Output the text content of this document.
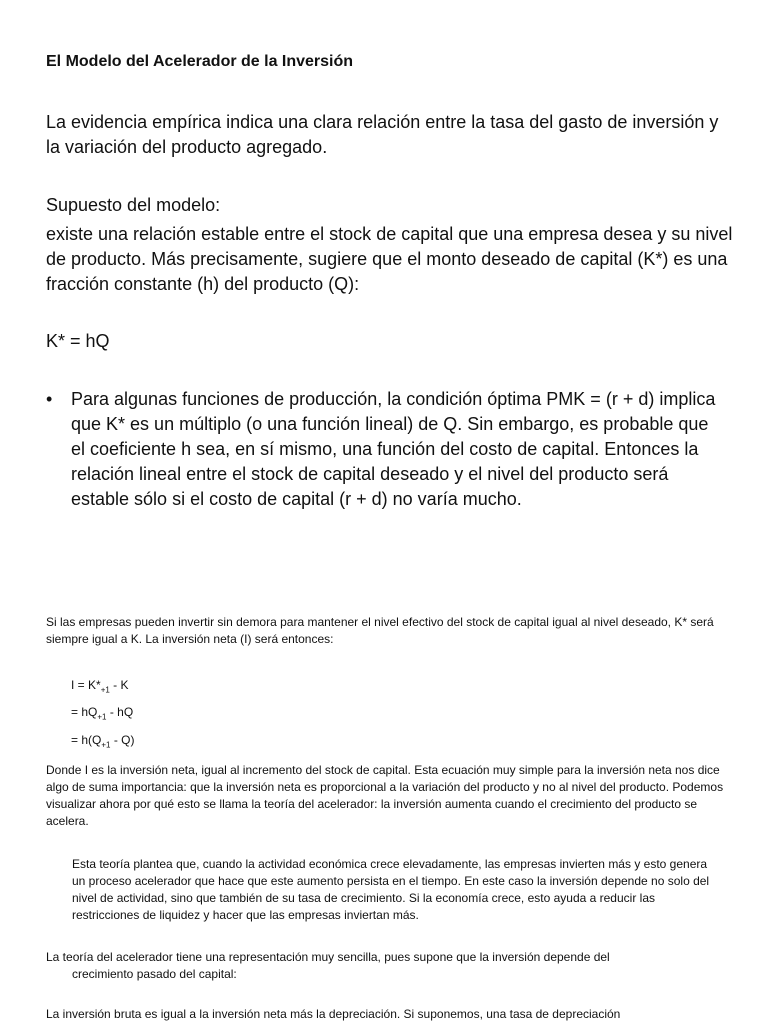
El Modelo del Acelerador de la Inversión

La evidencia empírica indica una clara relación entre la tasa del gasto de inversión y la variación del producto agregado.

Supuesto del modelo:

existe una relación estable entre el stock de capital que una empresa desea y su nivel de producto. Más precisamente, sugiere que el monto deseado de capital (K*) es una fracción constante (h) del producto (Q):

K* = hQ

• Para algunas funciones de producción, la condición óptima PMK = (r + d) implica que K* es un múltiplo (o una función lineal) de Q. Sin embargo, es probable que el coeficiente h sea, en sí mismo, una función del costo de capital. Entonces la relación lineal entre el stock de capital deseado y el nivel del producto será estable sólo si el costo de capital (r + d) no varía mucho.

Si las empresas pueden invertir sin demora para mantener el nivel efectivo del stock de capital igual al nivel deseado, K* será siempre igual a K. La inversión neta (I) será entonces:

$I = K*_{+1} - K$
= $hQ_{+1}$ - hQ
= $h(Q_{+1} - Q)$

Donde I es la inversión neta, igual al incremento del stock de capital. Esta ecuación muy simple para la inversión neta nos dice algo de suma importancia: que la inversión neta es proporcional a la variación del producto y no al nivel del producto. Podemos visualizar ahora por qué esto se llama la teoría del acelerador: la inversión aumenta cuando el crecimiento del producto se acelera.

Esta teoría plantea que, cuando la actividad económica crece elevadamente, las empresas invierten más y esto genera un proceso acelerador que hace que este aumento persista en el tiempo. En este caso la inversión depende no solo del nivel de actividad, sino que también de su tasa de crecimiento. Si la economía crece, esto ayuda a reducir las restricciones de liquidez y hacer que las empresas inviertan más.

La teoría del acelerador tiene una representación muy sencilla, pues supone que la inversión depende del
crecimiento pasado del capital:

La inversión bruta es igual a la inversión neta más la depreciación. Si suponemos, una tasa de depreciación
